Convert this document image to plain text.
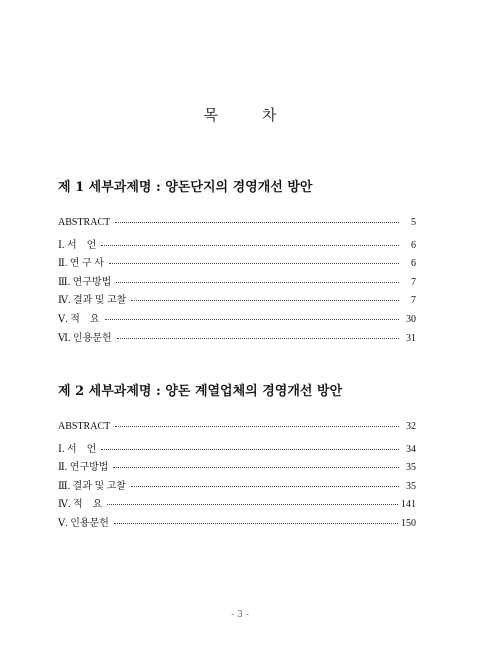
목	차

제 1 세부과제명 : 양돈단지의 경영개선 방안

ABSTRACT	5
Ⅰ. 서    언	6
Ⅱ. 연 구 사	6
Ⅲ. 연구방법	7
Ⅳ. 결과 및 고찰	7
Ⅴ. 적    요	30
Ⅵ. 인용문헌	31

제 2 세부과제명 : 양돈 계열업체의 경영개선 방안

ABSTRACT	32
Ⅰ. 서    언	34
Ⅱ. 연구방법	35
Ⅲ. 결과 및 고찰	35
Ⅳ. 적    요	141
Ⅴ. 인용문헌	150
- 3 -
